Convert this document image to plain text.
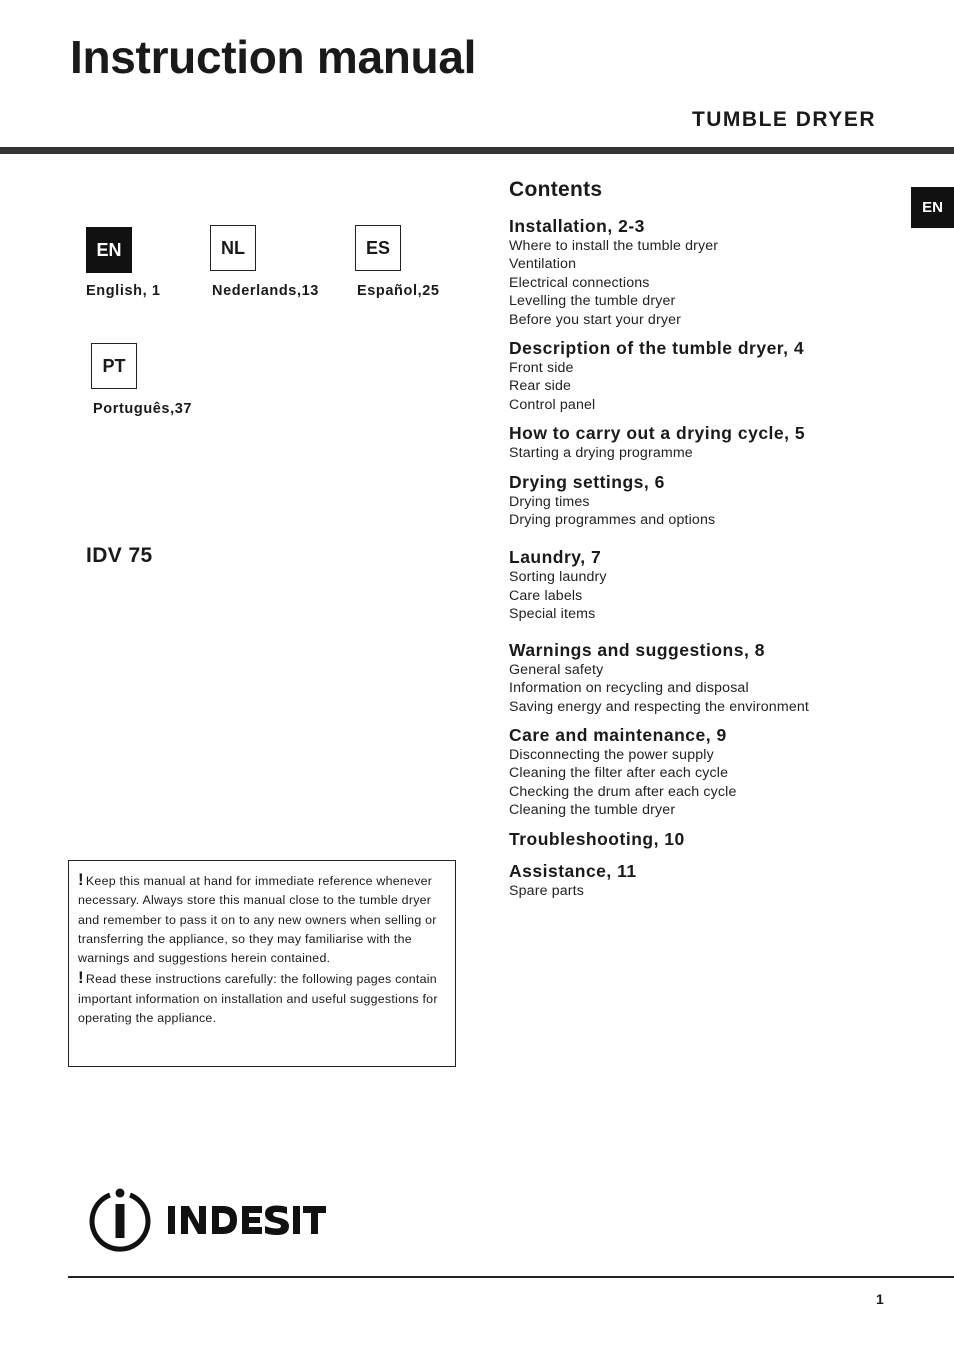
Instruction manual
TUMBLE DRYER
EN
English, 1
NL
Nederlands,13
ES
Español,25
PT
Português,37
IDV 75

! Keep this manual at hand for immediate reference whenever necessary. Always store this manual close to the tumble dryer and remember to pass it on to any new owners when selling or transferring the appliance, so they may familiarise with the warnings and suggestions herein contained.

! Read these instructions carefully: the following pages contain important information on installation and useful suggestions for operating the appliance.

Contents
Installation, 2-3
Where to install the tumble dryer
Ventilation
Electrical connections
Levelling the tumble dryer
Before you start your dryer
Description of the tumble dryer, 4
Front side
Rear side
Control panel
How to carry out a drying cycle, 5
Starting a drying programme
Drying settings, 6
Drying times
Drying programmes and options
Laundry, 7
Sorting laundry
Care labels
Special items
Warnings and suggestions, 8
General safety
Information on recycling and disposal
Saving energy and respecting the environment
Care and maintenance, 9
Disconnecting the power supply
Cleaning the filter after each cycle
Checking the drum after each cycle
Cleaning the tumble dryer
Troubleshooting, 10
Assistance, 11
Spare parts
EN
1
